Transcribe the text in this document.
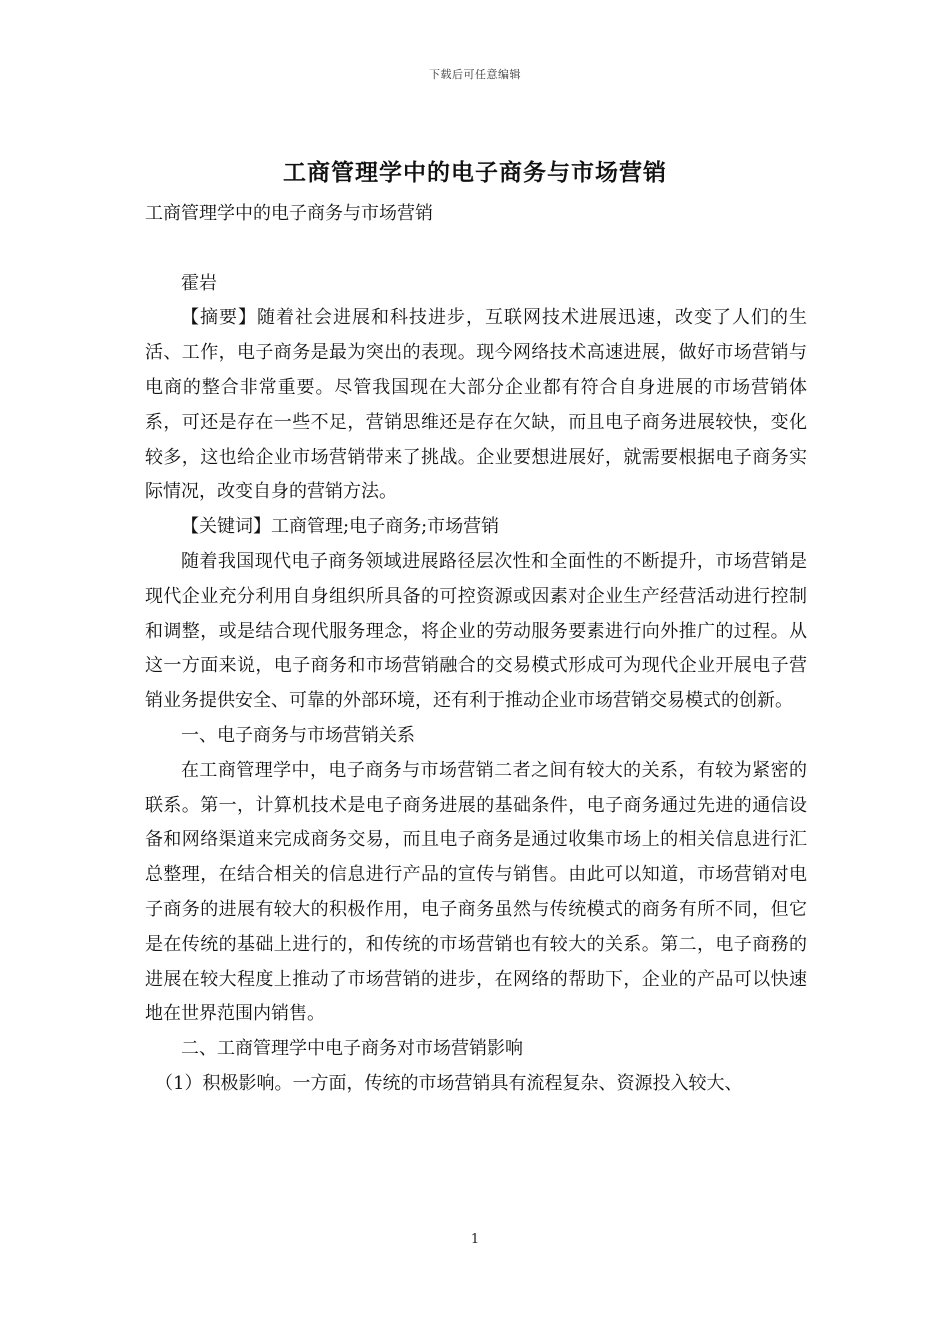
下载后可任意编辑
工商管理学中的电子商务与市场营销

工商管理学中的电子商务与市场营销

霍岩

【摘要】随着社会进展和科技进步，互联网技术进展迅速，改变了人们的生活、工作，电子商务是最为突出的表现。现今网络技术高速进展，做好市场营销与电商的整合非常重要。尽管我国现在大部分企业都有符合自身进展的市场营销体系，可还是存在一些不足，营销思维还是存在欠缺，而且电子商务进展较快，变化较多，这也给企业市场营销带来了挑战。企业要想进展好，就需要根据电子商务实际情况，改变自身的营销方法。

【关键词】工商管理;电子商务;市场营销

随着我国现代电子商务领域进展路径层次性和全面性的不断提升，市场营销是现代企业充分利用自身组织所具备的可控资源或因素对企业生产经营活动进行控制和调整，或是结合现代服务理念，将企业的劳动服务要素进行向外推广的过程。从这一方面来说，电子商务和市场营销融合的交易模式形成可为现代企业开展电子营销业务提供安全、可靠的外部环境，还有利于推动企业市场营销交易模式的创新。

一、电子商务与市场营销关系

在工商管理学中，电子商务与市场营销二者之间有较大的关系，有较为紧密的联系。第一，计算机技术是电子商务进展的基础条件，电子商务通过先进的通信设备和网络渠道来完成商务交易，而且电子商务是通过收集市场上的相关信息进行汇总整理，在结合相关的信息进行产品的宣传与销售。由此可以知道，市场营销对电子商务的进展有较大的积极作用，电子商务虽然与传统模式的商务有所不同，但它是在传统的基础上进行的，和传统的市场营销也有较大的关系。第二，电子商務的进展在较大程度上推动了市场营销的进步，在网络的帮助下，企业的产品可以快速地在世界范围内销售。

二、工商管理学中电子商务对市场营销影响

（1）积极影响。一方面，传统的市场营销具有流程复杂、资源投入较大、

1
